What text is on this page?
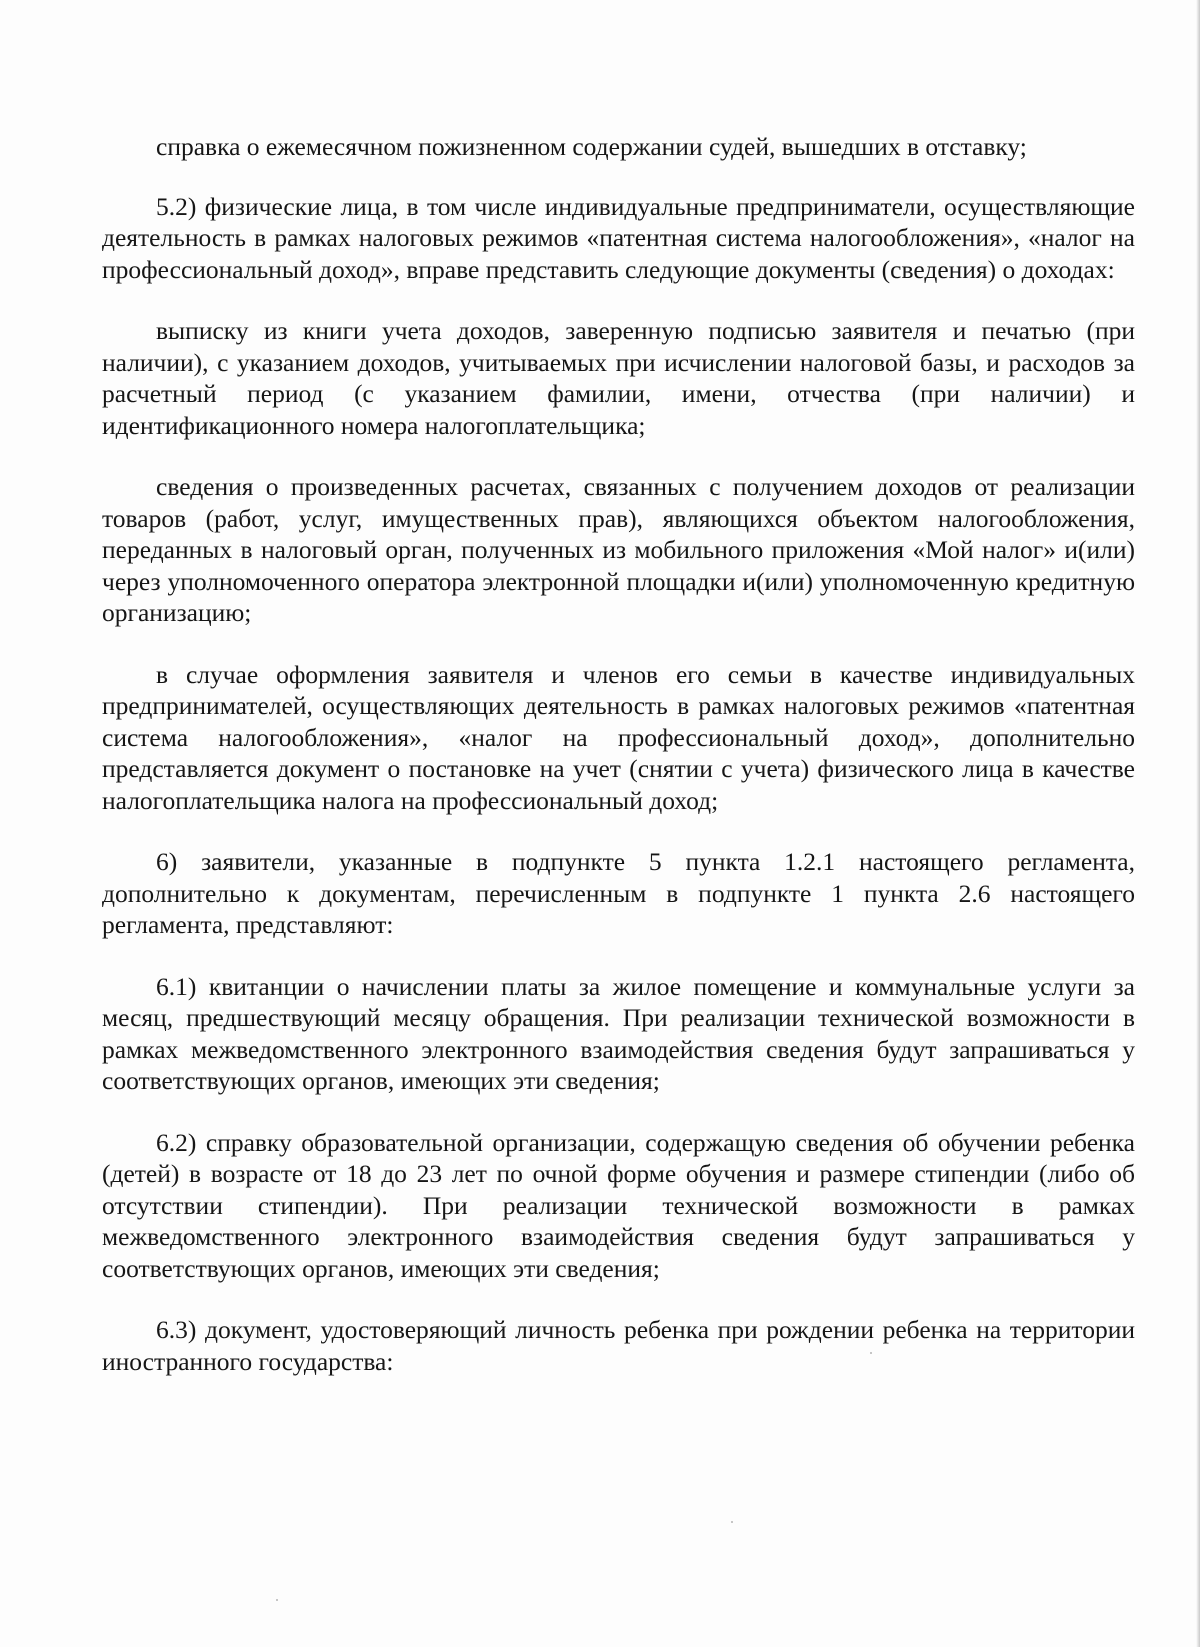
справка о ежемесячном пожизненном содержании судей, вышедших в отставку;

5.2) физические лица, в том числе индивидуальные предприниматели, осуществляющие деятельность в рамках налоговых режимов «патентная система налогообложения», «налог на профессиональный доход», вправе представить следующие документы (сведения) о доходах:

выписку из книги учета доходов, заверенную подписью заявителя и печатью (при наличии), с указанием доходов, учитываемых при исчислении налоговой базы, и расходов за расчетный период (с указанием фамилии, имени, отчества (при наличии) и идентификационного номера налогоплательщика;

сведения о произведенных расчетах, связанных с получением доходов от реализации товаров (работ, услуг, имущественных прав), являющихся объектом налогообложения, переданных в налоговый орган, полученных из мобильного приложения «Мой налог» и(или) через уполномоченного оператора электронной площадки и(или) уполномоченную кредитную организацию;

в случае оформления заявителя и членов его семьи в качестве индивидуальных предпринимателей, осуществляющих деятельность в рамках налоговых режимов «патентная система налогообложения», «налог на профессиональный доход», дополнительно представляется документ о постановке на учет (снятии с учета) физического лица в качестве налогоплательщика налога на профессиональный доход;

6) заявители, указанные в подпункте 5 пункта 1.2.1 настоящего регламента, дополнительно к документам, перечисленным в подпункте 1 пункта 2.6 настоящего регламента, представляют:

6.1) квитанции о начислении платы за жилое помещение и коммунальные услуги за месяц, предшествующий месяцу обращения. При реализации технической возможности в рамках межведомственного электронного взаимодействия сведения будут запрашиваться у соответствующих органов, имеющих эти сведения;

6.2) справку образовательной организации, содержащую сведения об обучении ребенка (детей) в возрасте от 18 до 23 лет по очной форме обучения и размере стипендии (либо об отсутствии стипендии). При реализации технической возможности в рамках межведомственного электронного взаимодействия сведения будут запрашиваться у соответствующих органов, имеющих эти сведения;

6.3) документ, удостоверяющий личность ребенка при рождении ребенка на территории иностранного государства:
